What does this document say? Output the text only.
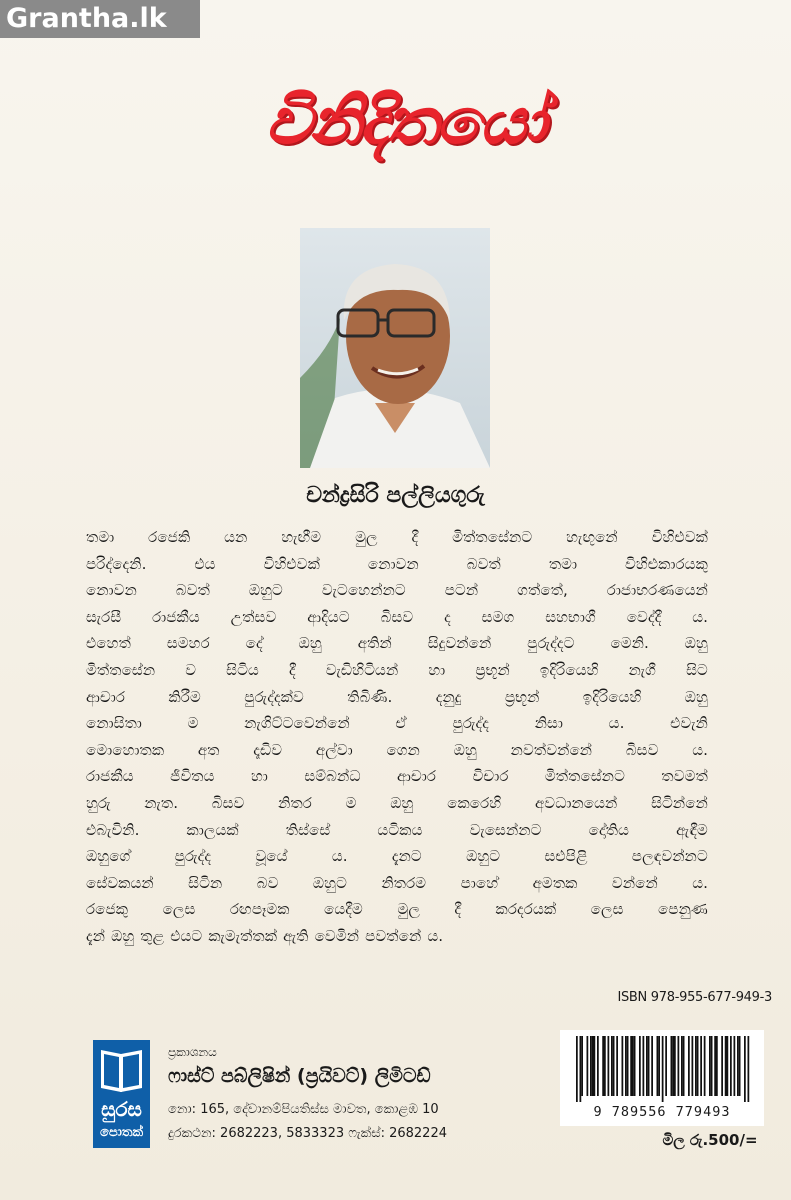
Grantha.lk
විනිදිතයෝ
චන්ද්‍රසිරි පල්ලියගුරු
තමා රජෙකි යන හැඟීම මුල දී මිත්තසේනට හැඟුනේ විහිළුවක්
පරිද්දෙනි.	එය	විහිළුවක්	නොවන	බවත්	තමා	විහිළුකාරයකු
නොවන	බවත්	ඔහුට	වැටහෙන්නට	පටන්	ගත්තේ,	රාජාභරණයෙන්
සැරසී රාජකීය උත්සව ආදියට බිසව ද සමග සහභාගී වෙද්දී ය.
එහෙත් සමහර දේ ඔහු අතින් සිදුවන්නේ පුරුද්දට මෙනි. ඔහු
මිත්තසේන ව සිටිය දී වැඩිහිටියන් හා ප්‍රභූන් ඉදිරියෙහි නැගී සිට
ආචාර	කිරීම	පුරුද්දක්ව	තිබිණි.	දනුදු	ප්‍රභූන්	ඉදිරියෙහි	ඔහු
නොසිතා	ම	නැගිට්ටවෙන්නේ	ඒ	පුරුද්ද	නිසා	ය.	එවැනි
මොහොතක අත දෑඩිව අල්වා ගෙන ඔහු නවත්වන්නේ බිසව ය.
රාජකීය ජීවිතය හා සම්බන්ධ ආචාර විචාර මිත්තසේනට තවමත්
හුරු නැත. බිසව නිතර ම ඔහු කෙරෙහි අවධානයෙන් සිටින්නේ
එබැවිනි.	කාලයක්	තිස්සේ	යටිකය	වැසෙන්නට	දෝතිය	ඇඳීම
ඔහුගේ	පුරුද්ද	වූයේ	ය.	දැනට	ඔහුට	සළුපිළි	පලඳවන්නට
සේවකයන් සිටින බව ඔහුට නිතරම පාහේ අමතක වන්නේ ය.
රජෙකු ලෙස රඟපෑමක යෙදීම මුල දී කරදරයක් ලෙස පෙනුණ
දැන් ඔහු තුළ එයට කැමැත්තක් ඇති වෙමින් පවත්නේ ය.
ISBN 978-955-677-949-3
සුරස
පොතක්
ප්‍රකාශනය
ෆාස්ට් පබ්ලිෂින් (ප්‍රයිවට්) ලිමිටඩ්
නො: 165, දේවානම්පියතිස්ස මාවත, කොළඹ 10
දුරකථන: 2682223, 5833323 ෆැක්ස්: 2682224
9 789556 779493
මිල රු.500/=
